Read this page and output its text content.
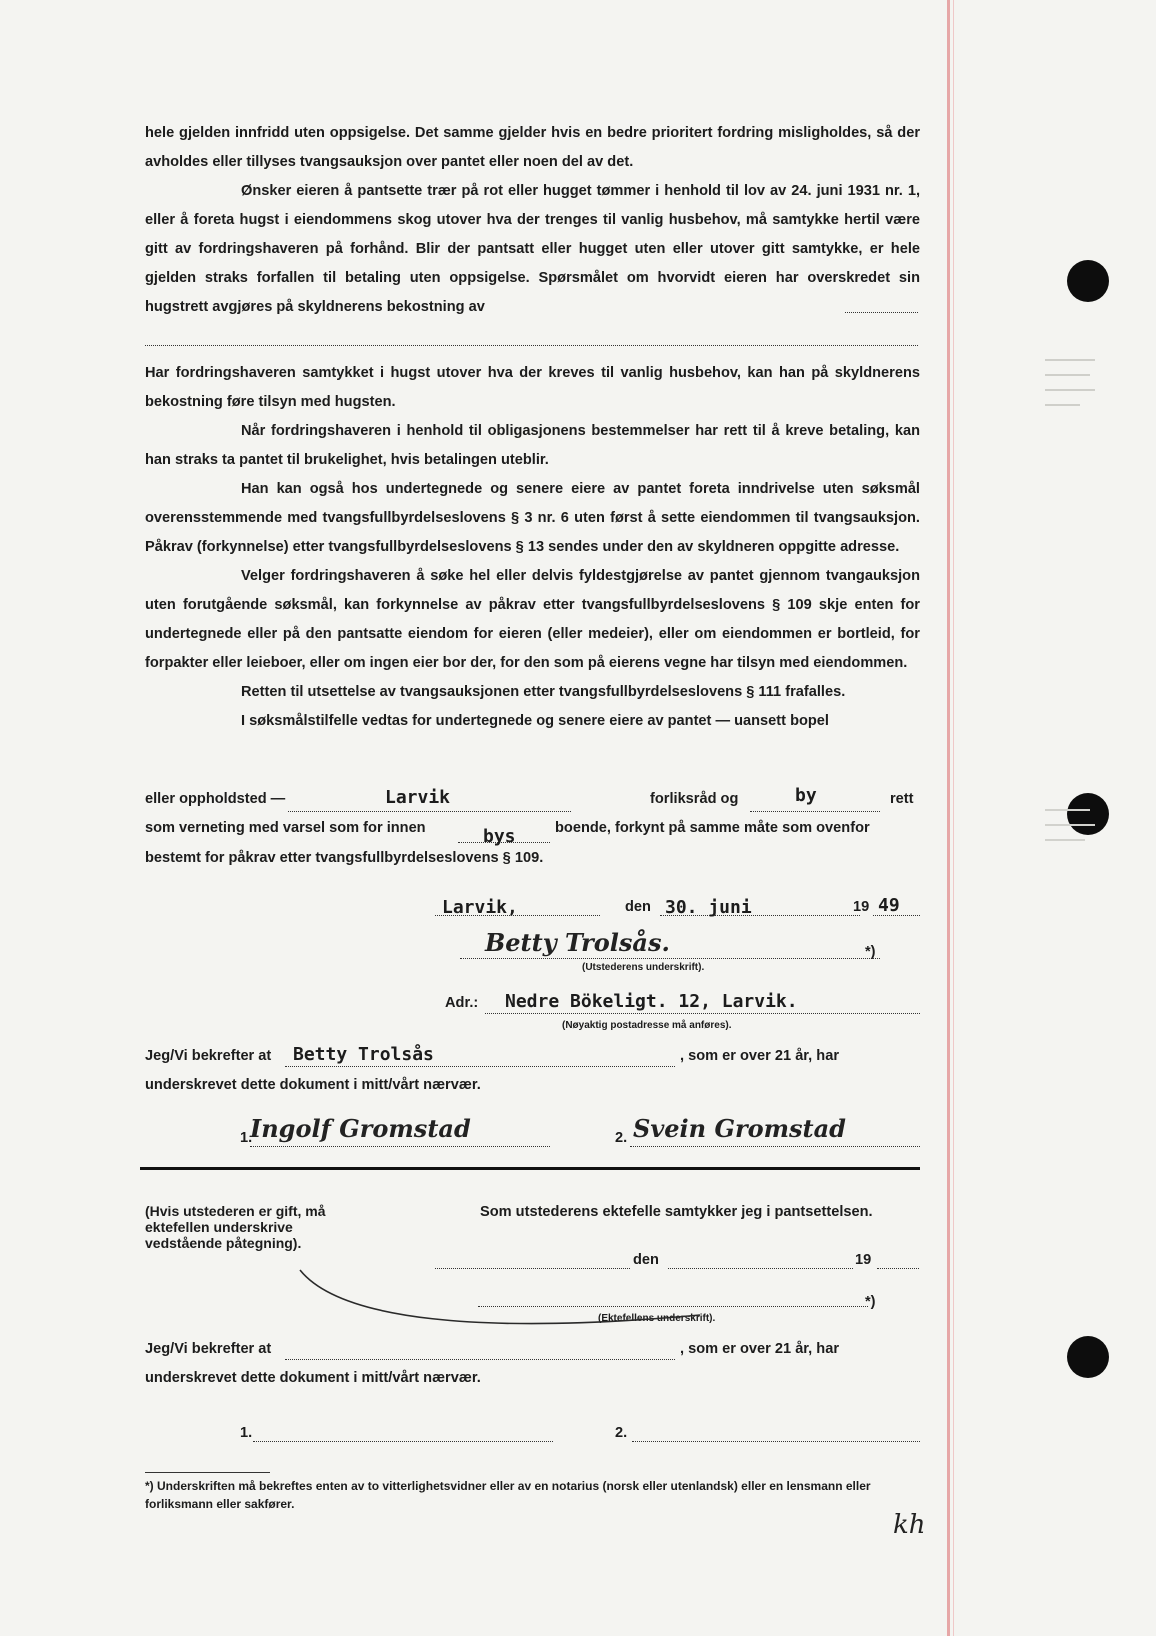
hele gjelden innfridd uten oppsigelse. Det samme gjelder hvis en bedre prioritert fordring misligholdes, så der avholdes eller tillyses tvangsauksjon over pantet eller noen del av det.

Ønsker eieren å pantsette trær på rot eller hugget tømmer i henhold til lov av 24. juni 1931 nr. 1, eller å foreta hugst i eiendommens skog utover hva der trenges til vanlig husbehov, må samtykke hertil være gitt av fordringshaveren på forhånd. Blir der pantsatt eller hugget uten eller utover gitt samtykke, er hele gjelden straks forfallen til betaling uten oppsigelse. Spørsmålet om hvorvidt eieren har overskredet sin hugstrett avgjøres på skyldnerens bekostning av

Har fordringshaveren samtykket i hugst utover hva der kreves til vanlig husbehov, kan han på skyldnerens bekostning føre tilsyn med hugsten.

Når fordringshaveren i henhold til obligasjonens bestemmelser har rett til å kreve betaling, kan han straks ta pantet til brukelighet, hvis betalingen uteblir.

Han kan også hos undertegnede og senere eiere av pantet foreta inndrivelse uten søksmål overensstemmende med tvangsfullbyrdelseslovens § 3 nr. 6 uten først å sette eiendommen til tvangsauksjon. Påkrav (forkynnelse) etter tvangsfullbyrdelseslovens § 13 sendes under den av skyldneren oppgitte adresse.

Velger fordringshaveren å søke hel eller delvis fyldestgjørelse av pantet gjennom tvangauksjon uten forutgående søksmål, kan forkynnelse av påkrav etter tvangsfullbyrdelseslovens § 109 skje enten for undertegnede eller på den pantsatte eiendom for eieren (eller medeier), eller om eiendommen er bortleid, for forpakter eller leieboer, eller om ingen eier bor der, for den som på eierens vegne har tilsyn med eiendommen.

Retten til utsettelse av tvangsauksjonen etter tvangsfullbyrdelseslovens § 111 frafalles.

I søksmålstilfelle vedtas for undertegnede og senere eiere av pantet — uansett bopel

eller oppholdsted —	Larvik	forliksråd og	by	rett
som verneting med varsel som for innen	bys	boende, forkynt på samme måte som ovenfor
bestemt for påkrav etter tvangsfullbyrdelseslovens § 109.
Larvik,	den 30. juni	19 49
Betty Trolsås.	*)
(Utstederens underskrift).
Adr.: Nedre Bökeligt. 12, Larvik.
(Nøyaktig postadresse må anføres).
Jeg/Vi bekrefter at Betty Trolsås	, som er over 21 år, har
underskrevet dette dokument i mitt/vårt nærvær.
1.
Ingolf Gromstad	2. Svein Gromstad
(Hvis utstederen er gift, må ektefellen underskrive vedstående påtegning).
Som utstederens ektefelle samtykker jeg i pantsettelsen.
den	19
*)
(Ektefellens underskrift).
Jeg/Vi bekrefter at	, som er over 21 år, har
underskrevet dette dokument i mitt/vårt nærvær.
1.	2.
*) Underskriften må bekreftes enten av to vitterlighetsvidner eller av en notarius (norsk eller utenlandsk) eller en lensmann eller forliksmann eller sakfører.
kh
